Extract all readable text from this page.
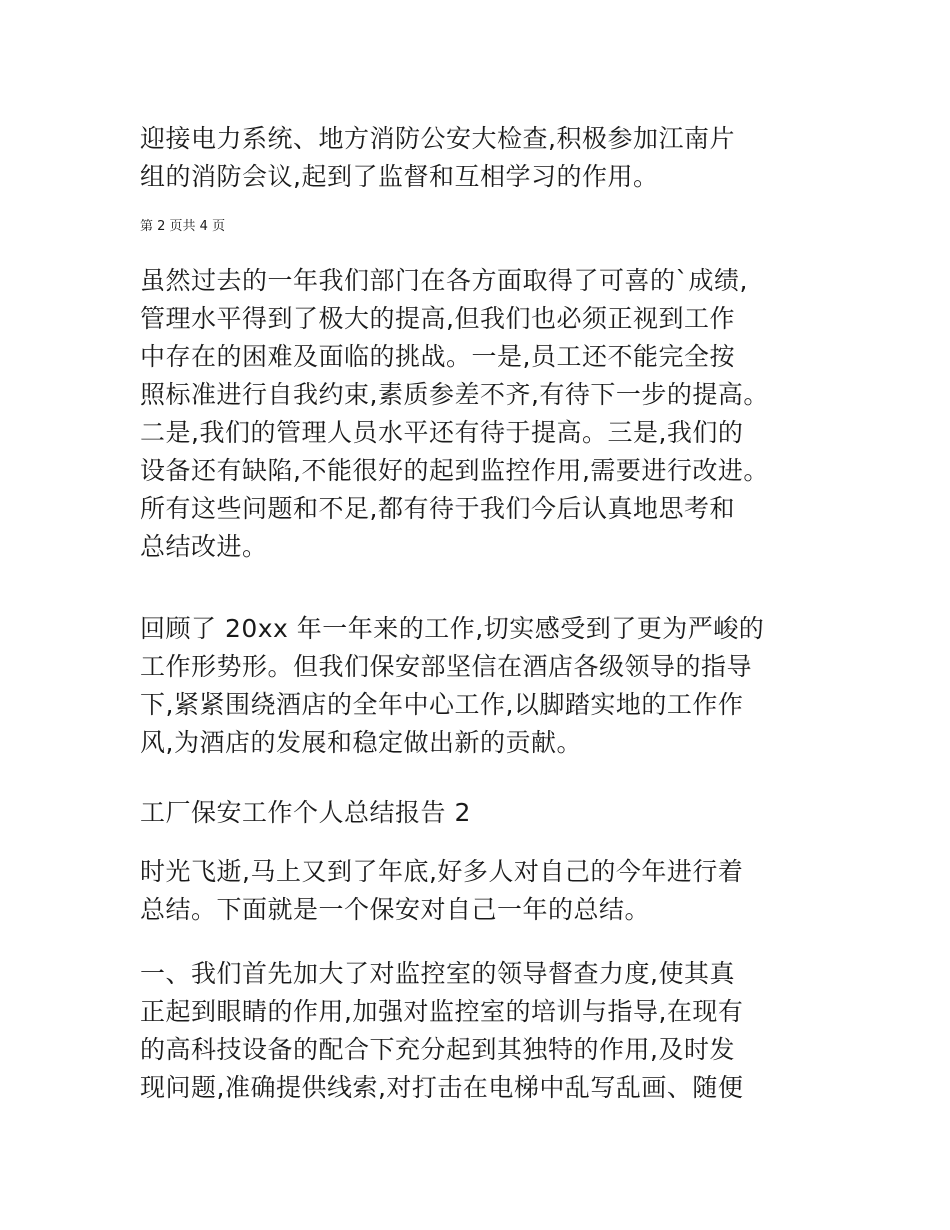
迎接电力系统、地方消防公安大检查,积极参加江南片
组的消防会议,起到了监督和互相学习的作用。

第 2 页共 4 页

虽然过去的一年我们部门在各方面取得了可喜的`成绩,
管理水平得到了极大的提高,但我们也必须正视到工作
中存在的困难及面临的挑战。一是,员工还不能完全按
照标准进行自我约束,素质参差不齐,有待下一步的提高。
二是,我们的管理人员水平还有待于提高。三是,我们的
设备还有缺陷,不能很好的起到监控作用,需要进行改进。
所有这些问题和不足,都有待于我们今后认真地思考和
总结改进。

回顾了 20xx 年一年来的工作,切实感受到了更为严峻的
工作形势形。但我们保安部坚信在酒店各级领导的指导
下,紧紧围绕酒店的全年中心工作,以脚踏实地的工作作
风,为酒店的发展和稳定做出新的贡献。

工厂保安工作个人总结报告 2

时光飞逝,马上又到了年底,好多人对自己的今年进行着
总结。下面就是一个保安对自己一年的总结。

一、我们首先加大了对监控室的领导督查力度,使其真
正起到眼睛的作用,加强对监控室的培训与指导,在现有
的高科技设备的配合下充分起到其独特的作用,及时发
现问题,准确提供线索,对打击在电梯中乱写乱画、随便
